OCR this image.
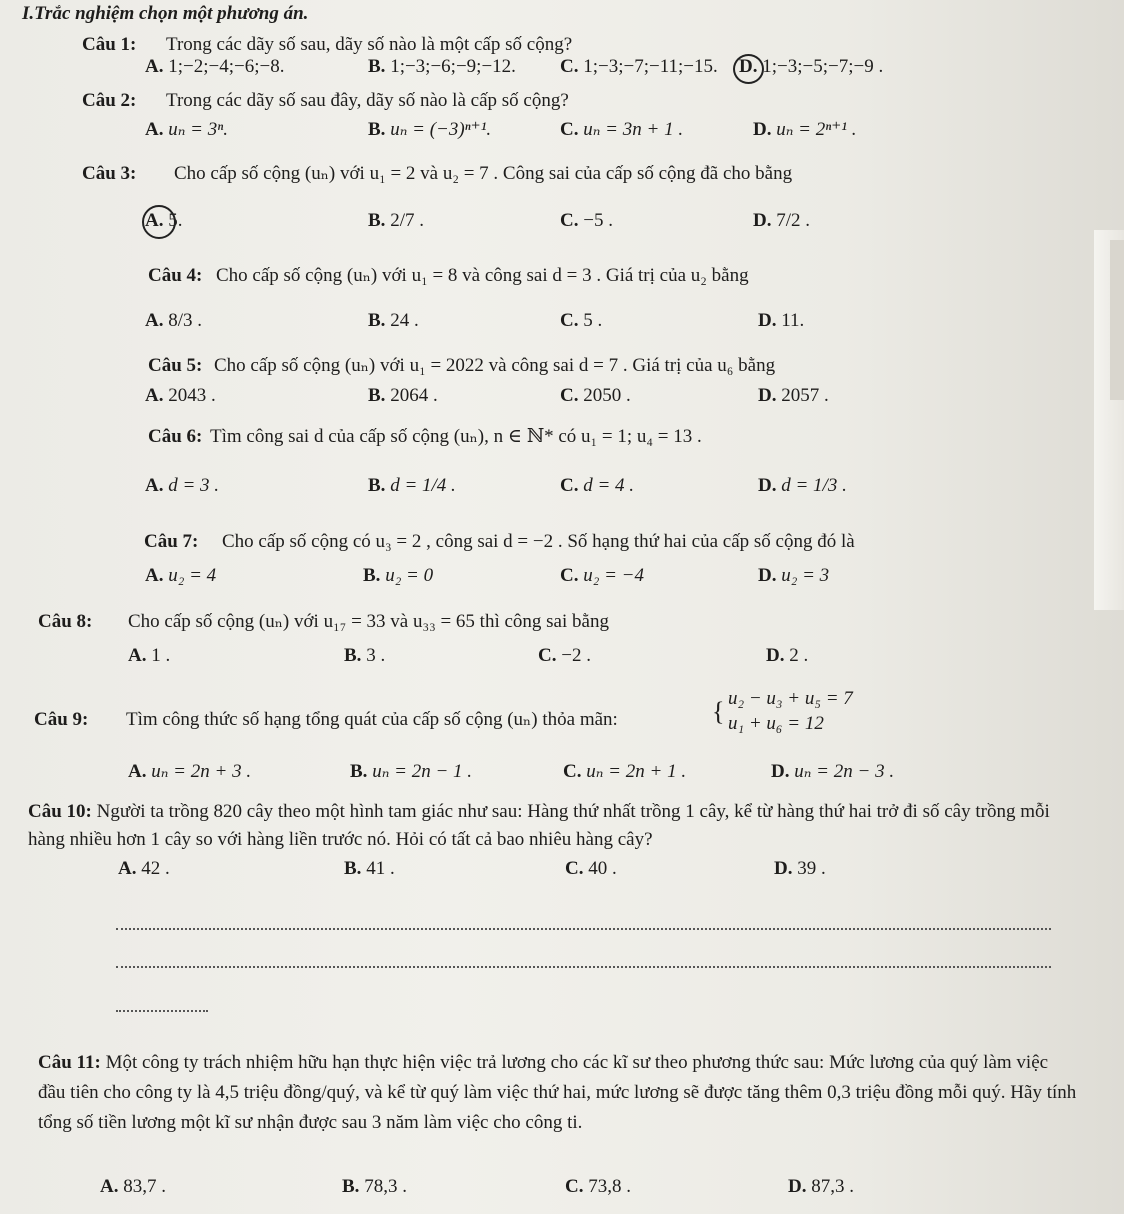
I.Trắc nghiệm chọn một phương án.
Câu 1: Trong các dãy số sau, dãy số nào là một cấp số cộng?
A. 1;−2;−4;−6;−8.	B. 1;−3;−6;−9;−12. C. 1;−3;−7;−11;−15. D. 1;−3;−5;−7;−9 .
Câu 2: Trong các dãy số sau đây, dãy số nào là cấp số cộng?
A. uₙ = 3ⁿ.	B. uₙ = (−3)ⁿ⁺¹.	C. uₙ = 3n + 1 .	D. uₙ = 2ⁿ⁺¹ .
Câu 3: Cho cấp số cộng (uₙ) với u₁ = 2 và u₂ = 7 . Công sai của cấp số cộng đã cho bằng
A. 5.	B. 2/7 .	C. −5 .	D. 7/2 .
Câu 4: Cho cấp số cộng (uₙ) với u₁ = 8 và công sai d = 3 . Giá trị của u₂ bằng
A. 8/3 .	B. 24 .	C. 5 .	D. 11.
Câu 5: Cho cấp số cộng (uₙ) với u₁ = 2022 và công sai d = 7 . Giá trị của u₆ bằng
A. 2043 .	B. 2064 .	C. 2050 .	D. 2057 .
Câu 6: Tìm công sai d của cấp số cộng (uₙ), n ∈ ℕ* có u₁ = 1; u₄ = 13 .
A. d = 3 .	B. d = 1/4 .	C. d = 4 .	D. d = 1/3 .
Câu 7: Cho cấp số cộng có u₃ = 2 , công sai d = −2 . Số hạng thứ hai của cấp số cộng đó là
A. u₂ = 4	B. u₂ = 0	C. u₂ = −4	D. u₂ = 3
Câu 8: Cho cấp số cộng (uₙ) với u₁₇ = 33 và u₃₃ = 65 thì công sai bằng
A. 1 .	B. 3 .	C. −2 .	D. 2 .
Câu 9: Tìm công thức số hạng tổng quát của cấp số cộng (uₙ) thỏa mãn:	{ u₂ − u₃ + u₅ = 7
u₁ + u₆ = 12
A. uₙ = 2n + 3 .	B. uₙ = 2n − 1 .	C. uₙ = 2n + 1 .	D. uₙ = 2n − 3 .
Câu 10: Người ta trồng 820 cây theo một hình tam giác như sau: Hàng thứ nhất trồng 1 cây, kể từ hàng thứ hai trở đi số cây trồng mỗi hàng nhiều hơn 1 cây so với hàng liền trước nó. Hỏi có tất cả bao nhiêu hàng cây?
A. 42 .	B. 41 .	C. 40 .	D. 39 .
Câu 11: Một công ty trách nhiệm hữu hạn thực hiện việc trả lương cho các kĩ sư theo phương thức sau: Mức lương của quý làm việc đầu tiên cho công ty là 4,5 triệu đồng/quý, và kể từ quý làm việc thứ hai, mức lương sẽ được tăng thêm 0,3 triệu đồng mỗi quý. Hãy tính tổng số tiền lương một kĩ sư nhận được sau 3 năm làm việc cho công ti.
A. 83,7 .	B. 78,3 .	C. 73,8 .	D. 87,3 .
